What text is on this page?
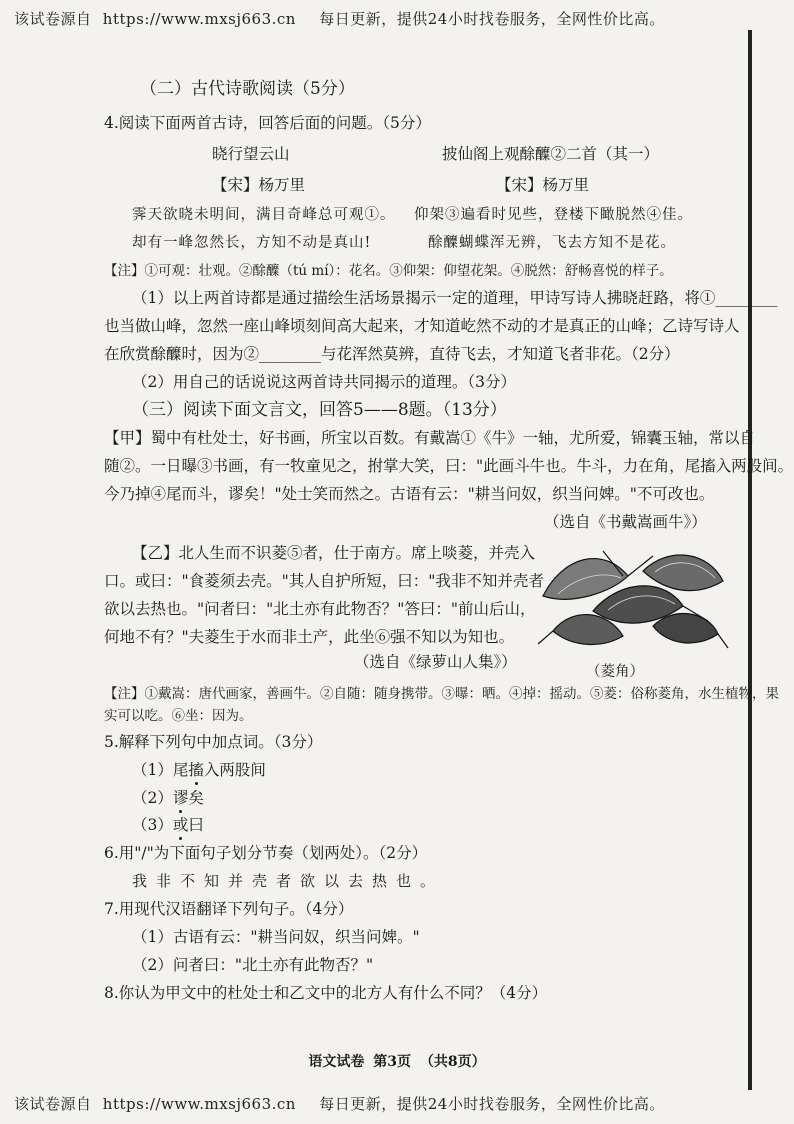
该试卷源自 https://www.mxsj663.cn 每日更新，提供24小时找卷服务，全网性价比高。
（二）古代诗歌阅读（5分）
4.阅读下面两首古诗，回答后面的问题。（5分）
晓行望云山	披仙阁上观酴醾②二首（其一）
【宋】杨万里	【宋】杨万里
霁天欲晓未明间，满目奇峰总可观①。 仰架③遍看时见些，登楼下瞰脱然④佳。
却有一峰忽然长，方知不动是真山!	酴醾蝴蝶浑无辨，飞去方知不是花。
【注】①可观：壮观。②酴醾（tú mí）：花名。③仰架：仰望花架。④脱然：舒畅喜悦的样子。
（1）以上两首诗都是通过描绘生活场景揭示一定的道理，甲诗写诗人拂晓赶路，将①________
也当做山峰，忽然一座山峰顷刻间高大起来，才知道屹然不动的才是真正的山峰；乙诗写诗人
在欣赏酴醾时，因为②________与花浑然莫辨，直待飞去，才知道飞者非花。（2分）
（2）用自己的话说说这两首诗共同揭示的道理。（3分）
（三）阅读下面文言文，回答5——8题。（13分）
【甲】蜀中有杜处士，好书画，所宝以百数。有戴嵩①《牛》一轴，尤所爱，锦囊玉轴，常以自
随②。一日曝③书画，有一牧童见之，拊掌大笑，曰："此画斗牛也。牛斗，力在角，尾搐入两股间。
今乃掉④尾而斗，谬矣！"处士笑而然之。古语有云："耕当问奴，织当问婢。"不可改也。
（选自《书戴嵩画牛》）
【乙】北人生而不识菱⑤者，仕于南方。席上啖菱，并壳入
口。或曰："食菱须去壳。"其人自护所短，曰："我非不知并壳者
欲以去热也。"问者曰："北土亦有此物否？"答曰："前山后山，
何地不有？"夫菱生于水而非土产，此坐⑥强不知以为知也。
（选自《绿萝山人集》）
（菱角）
【注】①戴嵩：唐代画家，善画牛。②自随：随身携带。③曝：晒。④掉：摇动。⑤菱：俗称菱角，水生植物，果
实可以吃。⑥坐：因为。
5.解释下列句中加点词。（3分）
（1）尾搐入两股间
（2）谬矣
（3）或曰
6.用"/"为下面句子划分节奏（划两处）。（2分）
我非不知并壳者欲以去热也。
7.用现代汉语翻译下列句子。（4分）
（1）古语有云："耕当问奴，织当问婢。"
（2）问者曰："北土亦有此物否？"
8.你认为甲文中的杜处士和乙文中的北方人有什么不同？（4分）
语文试卷 第3页 （共8页）
该试卷源自 https://www.mxsj663.cn 每日更新，提供24小时找卷服务，全网性价比高。
